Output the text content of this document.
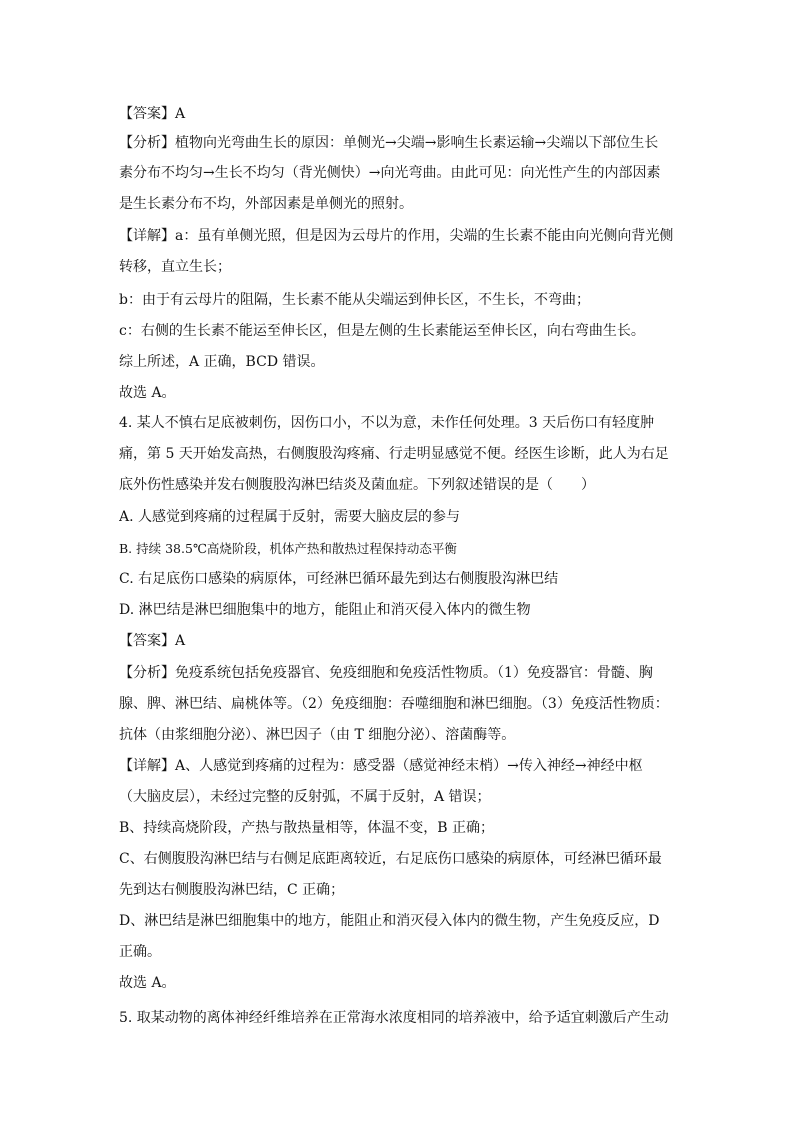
【答案】A
【分析】植物向光弯曲生长的原因：单侧光→尖端→影响生长素运输→尖端以下部位生长
素分布不均匀→生长不均匀（背光侧快）→向光弯曲。由此可见：向光性产生的内部因素
是生长素分布不均，外部因素是单侧光的照射。
【详解】a：虽有单侧光照，但是因为云母片的作用，尖端的生长素不能由向光侧向背光侧
转移，直立生长；
b：由于有云母片的阻隔，生长素不能从尖端运到伸长区，不生长，不弯曲；
c：右侧的生长素不能运至伸长区，但是左侧的生长素能运至伸长区，向右弯曲生长。
综上所述，A 正确，BCD 错误。
故选 A。
4. 某人不慎右足底被刺伤，因伤口小，不以为意，未作任何处理。3 天后伤口有轻度肿
痛，第 5 天开始发高热，右侧腹股沟疼痛、行走明显感觉不便。经医生诊断，此人为右足
底外伤性感染并发右侧腹股沟淋巴结炎及菌血症。下列叙述错误的是（　　）
A. 人感觉到疼痛的过程属于反射，需要大脑皮层的参与
B. 持续 38.5℃高烧阶段，机体产热和散热过程保持动态平衡
C. 右足底伤口感染的病原体，可经淋巴循环最先到达右侧腹股沟淋巴结
D. 淋巴结是淋巴细胞集中的地方，能阻止和消灭侵入体内的微生物
【答案】A
【分析】免疫系统包括免疫器官、免疫细胞和免疫活性物质。（1）免疫器官：骨髓、胸
腺、脾、淋巴结、扁桃体等。（2）免疫细胞：吞噬细胞和淋巴细胞。（3）免疫活性物质：
抗体（由浆细胞分泌）、淋巴因子（由 T 细胞分泌）、溶菌酶等。
【详解】A、人感觉到疼痛的过程为：感受器（感觉神经末梢）→传入神经→神经中枢
（大脑皮层），未经过完整的反射弧，不属于反射，A 错误；
B、持续高烧阶段，产热与散热量相等，体温不变，B 正确；
C、右侧腹股沟淋巴结与右侧足底距离较近，右足底伤口感染的病原体，可经淋巴循环最
先到达右侧腹股沟淋巴结，C 正确；
D、淋巴结是淋巴细胞集中的地方，能阻止和消灭侵入体内的微生物，产生免疫反应，D
正确。
故选 A。
5. 取某动物的离体神经纤维培养在正常海水浓度相同的培养液中，给予适宜刺激后产生动
